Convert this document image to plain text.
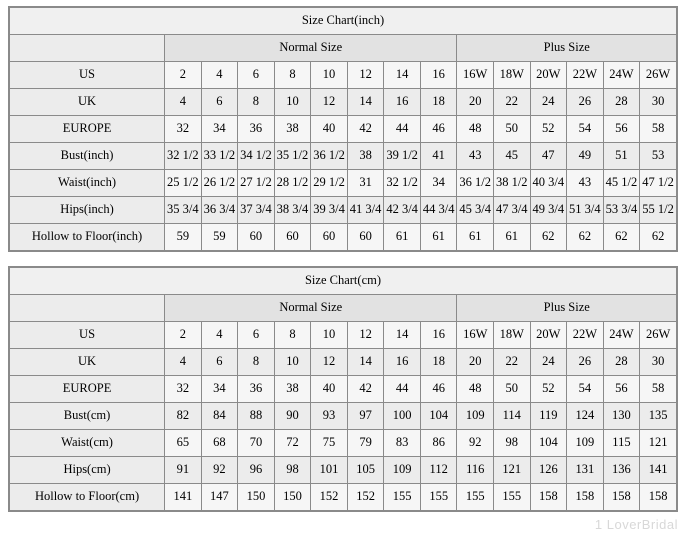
Size Chart(inch)														
	Normal Size								Plus Size					
US	2	4	6	8	10	12	14	16	16W	18W	20W	22W	24W	26W
UK	4	6	8	10	12	14	16	18	20	22	24	26	28	30
EUROPE	32	34	36	38	40	42	44	46	48	50	52	54	56	58
Bust(inch)	32 1/2	33 1/2	34 1/2	35 1/2	36 1/2	38	39 1/2	41	43	45	47	49	51	53
Waist(inch)	25 1/2	26 1/2	27 1/2	28 1/2	29 1/2	31	32 1/2	34	36 1/2	38 1/2	40 3/4	43	45 1/2	47 1/2
Hips(inch)	35 3/4	36 3/4	37 3/4	38 3/4	39 3/4	41 3/4	42 3/4	44 3/4	45 3/4	47 3/4	49 3/4	51 3/4	53 3/4	55 1/2
Hollow to Floor(inch)	59	59	60	60	60	60	61	61	61	61	62	62	62	62
Size Chart(cm)														
	Normal Size								Plus Size					
US	2	4	6	8	10	12	14	16	16W	18W	20W	22W	24W	26W
UK	4	6	8	10	12	14	16	18	20	22	24	26	28	30
EUROPE	32	34	36	38	40	42	44	46	48	50	52	54	56	58
Bust(cm)	82	84	88	90	93	97	100	104	109	114	119	124	130	135
Waist(cm)	65	68	70	72	75	79	83	86	92	98	104	109	115	121
Hips(cm)	91	92	96	98	101	105	109	112	116	121	126	131	136	141
Hollow to Floor(cm)	141	147	150	150	152	152	155	155	155	155	158	158	158	158
1 LoverBridal
